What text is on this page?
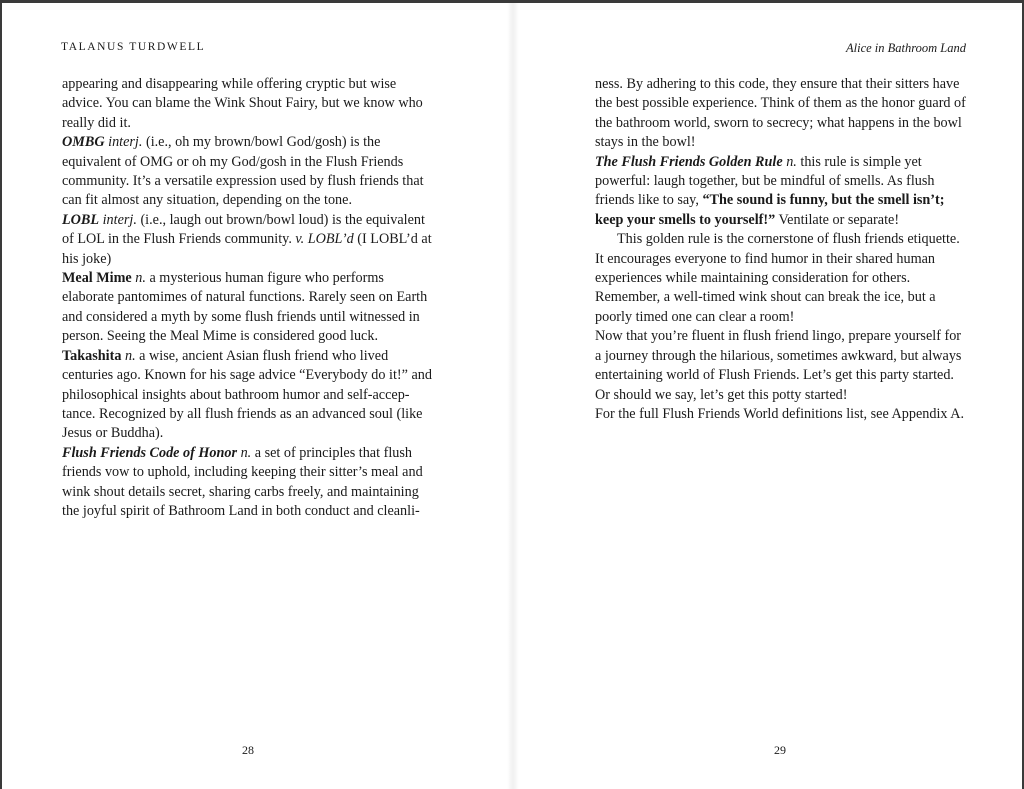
TALANUS TURDWELL

appearing and disappearing while offering cryptic but wise advice. You can blame the Wink Shout Fairy, but we know who really did it.

OMBG interj. (i.e., oh my brown/bowl God/gosh) is the equivalent of OMG or oh my God/gosh in the Flush Friends community. It’s a versatile expression used by flush friends that can fit almost any situation, depending on the tone.

LOBL interj. (i.e., laugh out brown/bowl loud) is the equivalent of LOL in the Flush Friends community. v. LOBL’d (I LOBL’d at his joke)

Meal Mime n. a mysterious human figure who performs elaborate pantomimes of natural functions. Rarely seen on Earth and considered a myth by some flush friends until witnessed in person. Seeing the Meal Mime is considered good luck.

Takashita n. a wise, ancient Asian flush friend who lived centuries ago. Known for his sage advice “Everybody do it!” and philosophical insights about bathroom humor and self-acceptance. Recognized by all flush friends as an advanced soul (like Jesus or Buddha).

Flush Friends Code of Honor n. a set of principles that flush friends vow to uphold, including keeping their sitter’s meal and wink shout details secret, sharing carbs freely, and maintaining the joyful spirit of Bathroom Land in both conduct and cleanli-

28
Alice in Bathroom Land

ness. By adhering to this code, they ensure that their sitters have the best possible experience. Think of them as the honor guard of the bathroom world, sworn to secrecy; what happens in the bowl stays in the bowl!

The Flush Friends Golden Rule n. this rule is simple yet powerful: laugh together, but be mindful of smells. As flush friends like to say, “The sound is funny, but the smell isn’t; keep your smells to yourself!” Ventilate or separate!

This golden rule is the cornerstone of flush friends etiquette. It encourages everyone to find humor in their shared human experiences while maintaining consideration for others. Remember, a well-timed wink shout can break the ice, but a poorly timed one can clear a room!

Now that you’re fluent in flush friend lingo, prepare yourself for a journey through the hilarious, sometimes awkward, but always entertaining world of Flush Friends. Let’s get this party started. Or should we say, let’s get this potty started!

For the full Flush Friends World definitions list, see Appendix A.

29
